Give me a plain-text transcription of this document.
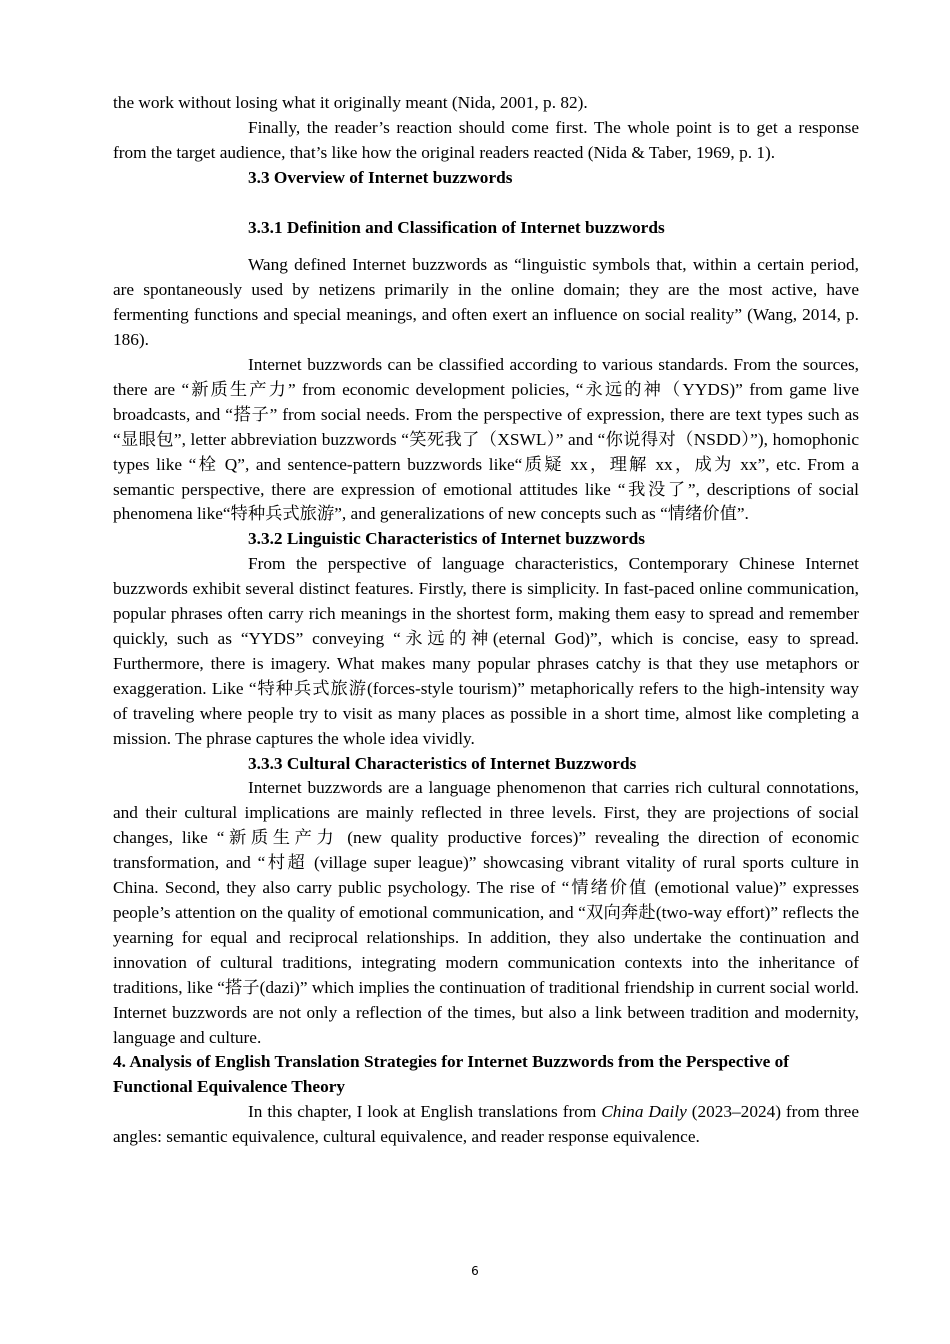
the work without losing what it originally meant (Nida, 2001, p. 82).

Finally, the reader’s reaction should come first. The whole point is to get a response from the target audience, that’s like how the original readers reacted (Nida & Taber, 1969, p. 1).

3.3 Overview of Internet buzzwords
3.3.1 Definition and Classification of Internet buzzwords

Wang defined Internet buzzwords as “linguistic symbols that, within a certain period, are spontaneously used by netizens primarily in the online domain; they are the most active, have fermenting functions and special meanings, and often exert an influence on social reality” (Wang, 2014, p. 186).

Internet buzzwords can be classified according to various standards. From the sources, there are “新质生产力” from economic development policies, “永远的神（YYDS)” from game live broadcasts, and “搭子” from social needs. From the perspective of expression, there are text types such as “显眼包”, letter abbreviation buzzwords “笑死我了（XSWL）” and “你说得对（NSDD）”), homophonic types like “栓 Q”, and sentence-pattern buzzwords like“质疑 xx，理解 xx，成为 xx”, etc. From a semantic perspective, there are expression of emotional attitudes like “我没了”, descriptions of social phenomena like“特种兵式旅游”, and generalizations of new concepts such as “情绪价值”.

3.3.2 Linguistic Characteristics of Internet buzzwords

From the perspective of language characteristics, Contemporary Chinese Internet buzzwords exhibit several distinct features. Firstly, there is simplicity. In fast-paced online communication, popular phrases often carry rich meanings in the shortest form, making them easy to spread and remember quickly, such as “YYDS” conveying “永远的神(eternal God)”, which is concise, easy to spread. Furthermore, there is imagery. What makes many popular phrases catchy is that they use metaphors or exaggeration. Like “特种兵式旅游(forces-style tourism)” metaphorically refers to the high-intensity way of traveling where people try to visit as many places as possible in a short time, almost like completing a mission. The phrase captures the whole idea vividly.

3.3.3 Cultural Characteristics of Internet Buzzwords

Internet buzzwords are a language phenomenon that carries rich cultural connotations, and their cultural implications are mainly reflected in three levels. First, they are projections of social changes, like “新质生产力 (new quality productive forces)” revealing the direction of economic transformation, and “村超 (village super league)” showcasing vibrant vitality of rural sports culture in China. Second, they also carry public psychology. The rise of “情绪价值 (emotional value)” expresses people’s attention on the quality of emotional communication, and “双向奔赴(two-way effort)” reflects the yearning for equal and reciprocal relationships. In addition, they also undertake the continuation and innovation of cultural traditions, integrating modern communication contexts into the inheritance of traditions, like “搭子(dazi)” which implies the continuation of traditional friendship in current social world. Internet buzzwords are not only a reflection of the times, but also a link between tradition and modernity, language and culture.

4. Analysis of English Translation Strategies for Internet Buzzwords from the Perspective of Functional Equivalence Theory

In this chapter, I look at English translations from China Daily (2023–2024) from three angles: semantic equivalence, cultural equivalence, and reader response equivalence.

6
